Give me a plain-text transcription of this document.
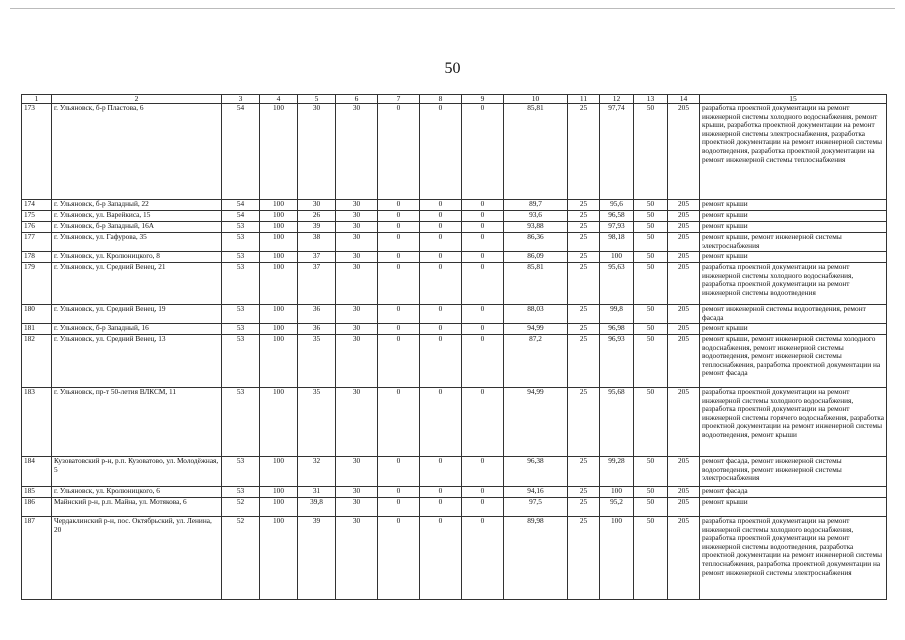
50
1	2	3	4	5	6	7	8	9	10	11	12	13	14	15
173	г. Ульяновск, б-р Пластова, 6	54	100	30	30	0	0	0	85,81	25	97,74	50	205	разработка проектной документации на ремонт инженерной системы холодного водоснабжения, ремонт крыши, разработка проектной документации на ремонт инженерной системы электроснабжения, разработка проектной документации на ремонт инженерной системы водоотведения, разработка проектной документации на ремонт инженерной системы теплоснабжения
174	г. Ульяновск, б-р Западный, 22	54	100	30	30	0	0	0	89,7	25	95,6	50	205	ремонт крыши
175	г. Ульяновск, ул. Варейкиса, 15	54	100	26	30	0	0	0	93,6	25	96,58	50	205	ремонт крыши
176	г. Ульяновск, б-р Западный, 16А	53	100	39	30	0	0	0	93,88	25	97,93	50	205	ремонт крыши
177	г. Ульяновск, ул. Гафурова, 35	53	100	38	30	0	0	0	86,36	25	98,18	50	205	ремонт крыши, ремонт инженерной системы электроснабжения
178	г. Ульяновск, ул. Кролюницкого, 8	53	100	37	30	0	0	0	86,09	25	100	50	205	ремонт крыши
179	г. Ульяновск, ул. Средний Венец, 21	53	100	37	30	0	0	0	85,81	25	95,63	50	205	разработка проектной документации на ремонт инженерной системы холодного водоснабжения, разработка проектной документации на ремонт инженерной системы водоотведения
180	г. Ульяновск, ул. Средний Венец, 19	53	100	36	30	0	0	0	88,03	25	99,8	50	205	ремонт инженерной системы водоотведения, ремонт фасада
181	г. Ульяновск, б-р Западный, 16	53	100	36	30	0	0	0	94,99	25	96,98	50	205	ремонт крыши
182	г. Ульяновск, ул. Средний Венец, 13	53	100	35	30	0	0	0	87,2	25	96,93	50	205	ремонт крыши, ремонт инженерной системы холодного водоснабжения, ремонт инженерной системы водоотведения, ремонт инженерной системы теплоснабжения, разработка проектной документации на ремонт фасада
183	г. Ульяновск, пр-т 50-летия ВЛКСМ, 11	53	100	35	30	0	0	0	94,99	25	95,68	50	205	разработка проектной документации на ремонт инженерной системы холодного водоснабжения, разработка проектной документации на ремонт инженерной системы горячего водоснабжения, разработка проектной документации на ремонт инженерной системы водоотведения, ремонт крыши
184	Кузоватовский р-н, р.п. Кузоватово, ул. Молодёжная, 5	53	100	32	30	0	0	0	96,38	25	99,28	50	205	ремонт фасада, ремонт инженерной системы водоотведения, ремонт инженерной системы электроснабжения
185	г. Ульяновск, ул. Кролюницкого, 6	53	100	31	30	0	0	0	94,16	25	100	50	205	ремонт фасада
186	Майнский р-н, р.п. Майна, ул. Мотякова, 6	52	100	39,8	30	0	0	0	97,5	25	95,2	50	205	ремонт крыши
187	Чердаклинский р-н, пос. Октябрьский, ул. Ленина, 20	52	100	39	30	0	0	0	89,98	25	100	50	205	разработка проектной документации на ремонт инженерной системы холодного водоснабжения, разработка проектной документации на ремонт инженерной системы водоотведения, разработка проектной документации на ремонт инженерной системы теплоснабжения, разработка проектной документации на ремонт инженерной системы электроснабжения
